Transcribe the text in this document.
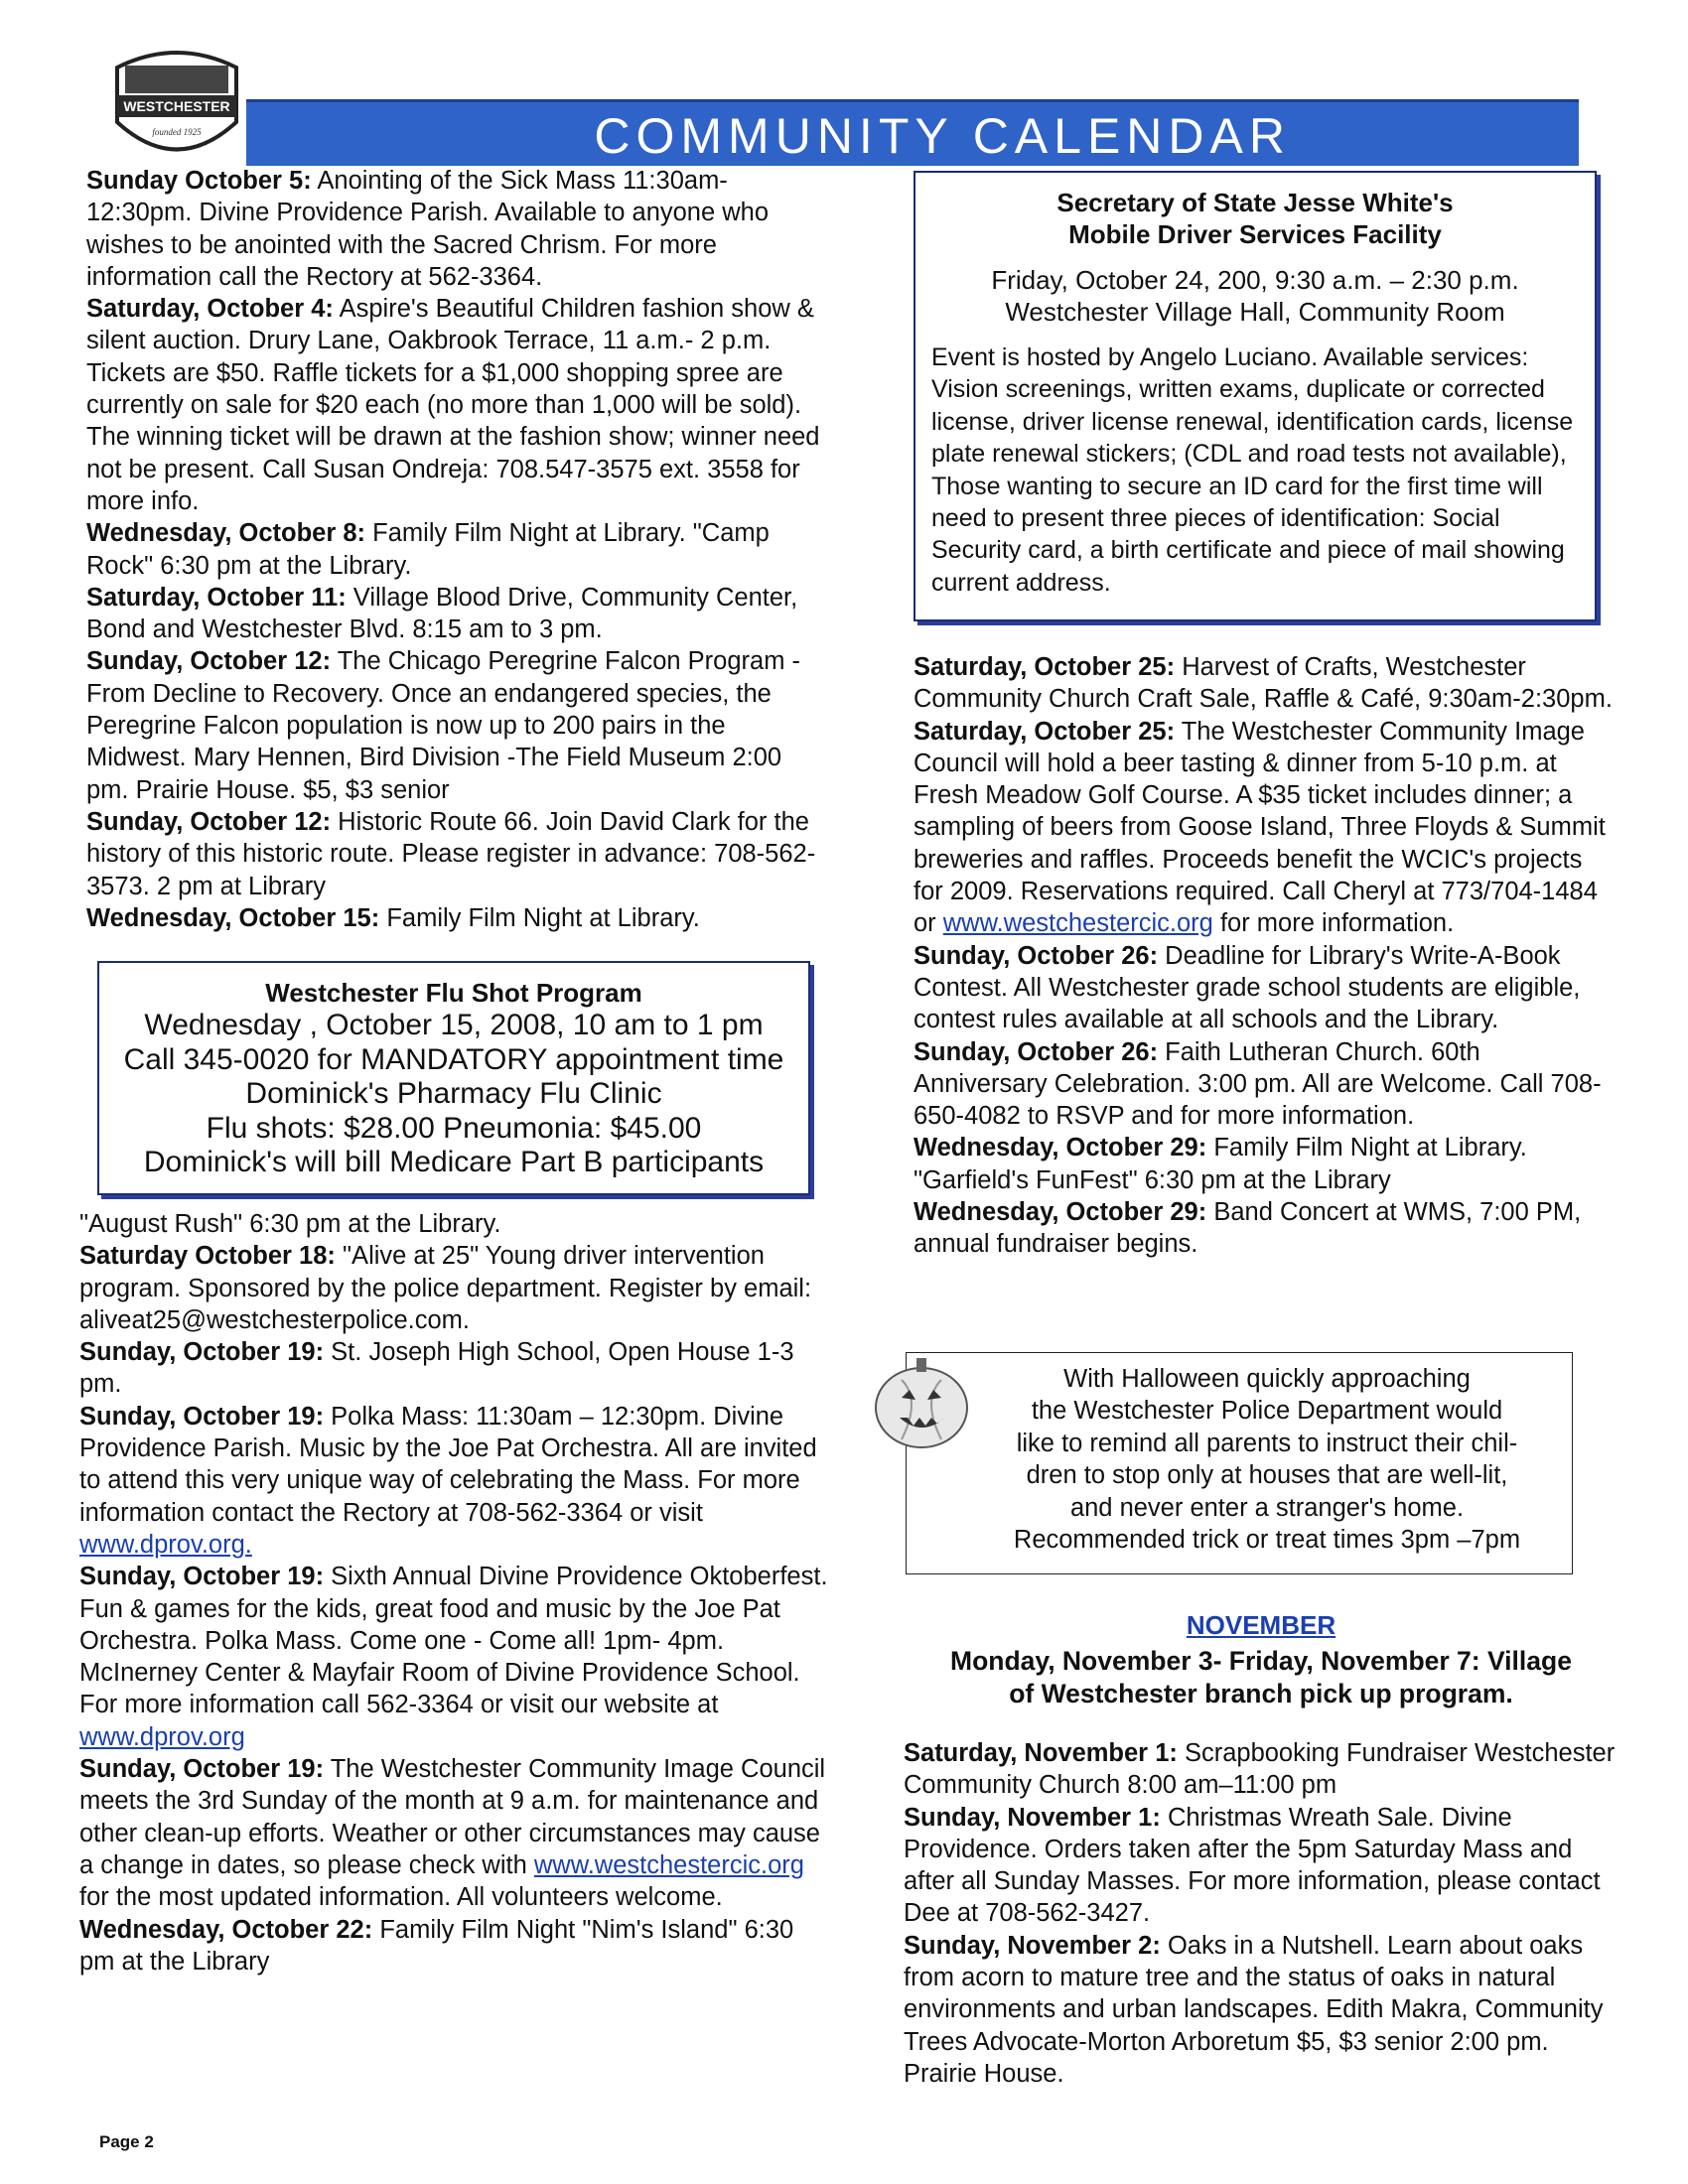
WESTCHESTER
founded 1925	COMMUNITY CALENDAR

Sunday October 5: Anointing of the Sick Mass 11:30am-12:30pm. Divine Providence Parish. Available to anyone who wishes to be anointed with the Sacred Chrism. For more information call the Rectory at 562-3364.

Saturday, October 4: Aspire's Beautiful Children fashion show & silent auction. Drury Lane, Oakbrook Terrace, 11 a.m.- 2 p.m. Tickets are $50. Raffle tickets for a $1,000 shopping spree are currently on sale for $20 each (no more than 1,000 will be sold). The winning ticket will be drawn at the fashion show; winner need not be present. Call Susan Ondreja: 708.547-3575 ext. 3558 for more info.

Wednesday, October 8: Family Film Night at Library. "Camp Rock" 6:30 pm at the Library.

Saturday, October 11: Village Blood Drive, Community Center, Bond and Westchester Blvd. 8:15 am to 3 pm.

Sunday, October 12: The Chicago Peregrine Falcon Program - From Decline to Recovery. Once an endangered species, the Peregrine Falcon population is now up to 200 pairs in the Midwest. Mary Hennen, Bird Division -The Field Museum 2:00 pm. Prairie House. $5, $3 senior

Sunday, October 12: Historic Route 66. Join David Clark for the history of this historic route. Please register in advance: 708-562-3573. 2 pm at Library

Wednesday, October 15: Family Film Night at Library.

Westchester Flu Shot Program
Wednesday , October 15, 2008, 10 am to 1 pm
Call 345-0020 for MANDATORY appointment time
Dominick's Pharmacy Flu Clinic
Flu shots: $28.00 Pneumonia: $45.00
Dominick's will bill Medicare Part B participants

"August Rush" 6:30 pm at the Library.

Saturday October 18: "Alive at 25" Young driver intervention program. Sponsored by the police department. Register by email: aliveat25@westchesterpolice.com.

Sunday, October 19: St. Joseph High School, Open House 1-3 pm.

Sunday, October 19: Polka Mass: 11:30am – 12:30pm. Divine Providence Parish. Music by the Joe Pat Orchestra. All are invited to attend this very unique way of celebrating the Mass. For more information contact the Rectory at 708-562-3364 or visit www.dprov.org.

Sunday, October 19: Sixth Annual Divine Providence Oktoberfest. Fun & games for the kids, great food and music by the Joe Pat Orchestra. Polka Mass. Come one - Come all! 1pm- 4pm. McInerney Center & Mayfair Room of Divine Providence School. For more information call 562-3364 or visit our website at www.dprov.org

Sunday, October 19: The Westchester Community Image Council meets the 3rd Sunday of the month at 9 a.m. for maintenance and other clean-up efforts. Weather or other circumstances may cause a change in dates, so please check with www.westchestercic.org for the most updated information. All volunteers welcome.

Wednesday, October 22: Family Film Night "Nim's Island" 6:30 pm at the Library

Secretary of State Jesse White's
Mobile Driver Services Facility
Friday, October 24, 200, 9:30 a.m. – 2:30 p.m.
Westchester Village Hall, Community Room
Event is hosted by Angelo Luciano. Available services: Vision screenings, written exams, duplicate or corrected license, driver license renewal, identification cards, license plate renewal stickers; (CDL and road tests not available), Those wanting to secure an ID card for the first time will need to present three pieces of identification: Social Security card, a birth certificate and piece of mail showing current address.

Saturday, October 25: Harvest of Crafts, Westchester Community Church Craft Sale, Raffle & Café, 9:30am-2:30pm.

Saturday, October 25: The Westchester Community Image Council will hold a beer tasting & dinner from 5-10 p.m. at Fresh Meadow Golf Course. A $35 ticket includes dinner; a sampling of beers from Goose Island, Three Floyds & Summit breweries and raffles. Proceeds benefit the WCIC's projects for 2009. Reservations required. Call Cheryl at 773/704-1484 or www.westchestercic.org for more information.

Sunday, October 26: Deadline for Library's Write-A-Book Contest. All Westchester grade school students are eligible, contest rules available at all schools and the Library.

Sunday, October 26: Faith Lutheran Church. 60th Anniversary Celebration. 3:00 pm. All are Welcome. Call 708-650-4082 to RSVP and for more information.

Wednesday, October 29: Family Film Night at Library. "Garfield's FunFest" 6:30 pm at the Library

Wednesday, October 29: Band Concert at WMS, 7:00 PM, annual fundraiser begins.

With Halloween quickly approaching
the Westchester Police Department would
like to remind all parents to instruct their chil-
dren to stop only at houses that are well-lit,
and never enter a stranger's home.
Recommended trick or treat times 3pm –7pm
NOVEMBER
Monday, November 3- Friday, November 7: Village
of Westchester branch pick up program.

Saturday, November 1: Scrapbooking Fundraiser Westchester Community Church 8:00 am–11:00 pm

Sunday, November 1: Christmas Wreath Sale. Divine Providence. Orders taken after the 5pm Saturday Mass and after all Sunday Masses. For more information, please contact Dee at 708-562-3427.

Sunday, November 2: Oaks in a Nutshell. Learn about oaks from acorn to mature tree and the status of oaks in natural environments and urban landscapes. Edith Makra, Community Trees Advocate-Morton Arboretum $5, $3 senior 2:00 pm. Prairie House.

Page 2
